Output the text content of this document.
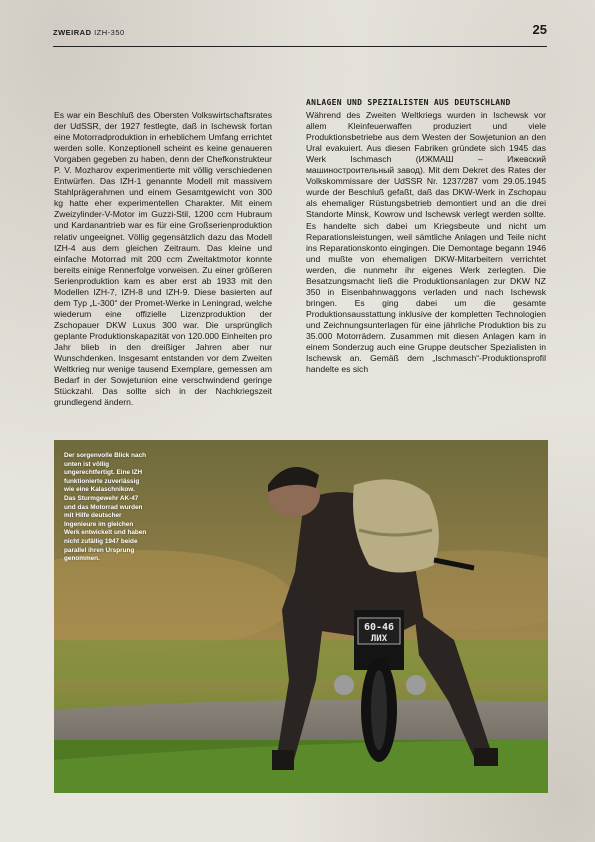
ZWEIRAD IZH-350	25

Es war ein Beschluß des Obersten Volkswirtschaftsrates der UdSSR, der 1927 festlegte, daß in Ischewsk fortan eine Motorradproduktion in erheblichem Umfang errichtet werden solle. Konzeptionell scheint es keine genaueren Vorgaben gegeben zu haben, denn der Chefkonstrukteur P. V. Mozharov experimentierte mit völlig verschiedenen Entwürfen. Das IZH-1 genannte Modell mit massivem Stahlprägerahmen und einem Gesamtgewicht von 300 kg hatte eher experimentellen Charakter. Mit einem Zweizylinder-V-Motor im Guzzi-Stil, 1200 ccm Hubraum und Kardanantrieb war es für eine Großserienproduktion relativ ungeeignet. Völlig gegensätzlich dazu das Modell IZH-4 aus dem gleichen Zeitraum. Das kleine und einfache Motorrad mit 200 ccm Zweitaktmotor konnte bereits einige Rennerfolge vorweisen. Zu einer größeren Serienproduktion kam es aber erst ab 1933 mit den Modellen IZH-7, IZH-8 und IZH-9. Diese basierten auf dem Typ „L-300“ der Promet-Werke in Leningrad, welche wiederum eine offizielle Lizenzproduktion der Zschopauer DKW Luxus 300 war. Die ursprünglich geplante Produktionskapazität von 120.000 Einheiten pro Jahr blieb in den dreißiger Jahren aber nur Wunschdenken. Insgesamt entstanden vor dem Zweiten Weltkrieg nur wenige tausend Exemplare, gemessen am Bedarf in der Sowjetunion eine verschwindend geringe Stückzahl. Das sollte sich in der Nachkriegszeit grundlegend ändern.

ANLAGEN UND SPEZIALISTEN AUS DEUTSCHLAND

Während des Zweiten Weltkriegs wurden in Ischewsk vor allem Kleinfeuerwaffen produziert und viele Produktionsbetriebe aus dem Westen der Sowjetunion an den Ural evakuiert. Aus diesen Fabriken gründete sich 1945 das Werk Ischmasch (ИЖМАШ – Ижевский машиностроительный завод). Mit dem Dekret des Rates der Volkskommissare der UdSSR Nr. 1237/287 vom 29.05.1945 wurde der Beschluß gefaßt, daß das DKW-Werk in Zschopau als ehemaliger Rüstungsbetrieb demontiert und an die drei Standorte Minsk, Kowrow und Ischewsk verlegt werden sollte. Es handelte sich dabei um Kriegsbeute und nicht um Reparationsleistungen, weil sämtliche Anlagen und Teile nicht ins Reparationskonto eingingen. Die Demontage begann 1946 und mußte von ehemaligen DKW-Mitarbeitern verrichtet werden, die nunmehr ihr eigenes Werk zerlegten. Die Besatzungsmacht ließ die Produktionsanlagen zur DKW NZ 350 in Eisenbahnwaggons verladen und nach Ischewsk bringen. Es ging dabei um die gesamte Produktionsausstattung inklusive der kompletten Technologien und Zeichnungsunterlagen für eine jährliche Produktion bis zu 35.000 Motorrädern. Zusammen mit diesen Anlagen kam in einem Sonderzug auch eine Gruppe deutscher Spezialisten in Ischewsk an. Gemäß dem „Ischmasch“-Produktionsprofil handelte es sich

60-46
ЛИХ
Der sorgenvolle Blick nach unten ist völlig ungerechtfertigt. Eine IZH funktionierte zuverlässig wie eine Kalaschnikow. Das Sturmgewehr AK-47 und das Motorrad wurden mit Hilfe deutscher Ingenieure im gleichen Werk entwickelt und haben nicht zufällig 1947 beide parallel ihren Ursprung genommen.
